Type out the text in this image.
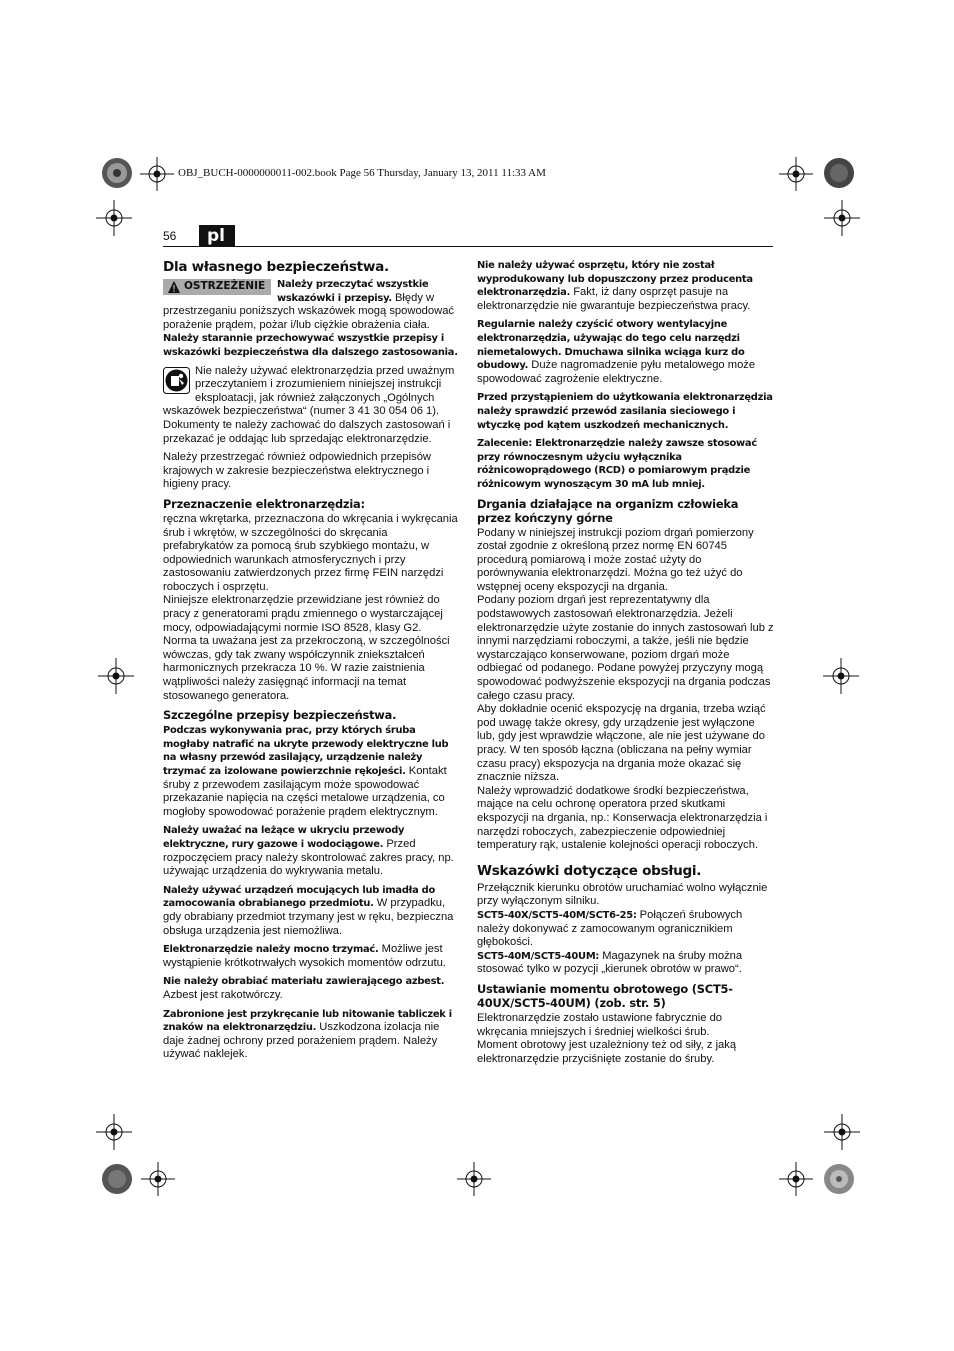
OBJ_BUCH-0000000011-002.book Page 56 Thursday, January 13, 2011 11:33 AM
56	pl
Dla własnego bezpieczeństwa.
OSTRZEŻENIE	Należy przeczytać wszystkie wskazówki i przepisy. Błędy w przestrzeganiu poniższych wskazówek mogą spowodować porażenie prądem, pożar i/lub ciężkie obrażenia ciała.

Należy starannie przechowywać wszystkie przepisy i wskazówki bezpieczeństwa dla dalszego zastosowania.

Nie należy używać elektronarzędzia przed uważnym przeczytaniem i zrozumieniem niniejszej instrukcji eksploatacji, jak również załączonych „Ogólnych wskazówek bezpieczeństwa“ (numer 3 41 30 054 06 1). Dokumenty te należy zachować do dalszych zastosowań i przekazać je oddając lub sprzedając elektronarzędzie.

Należy przestrzegać również odpowiednich przepisów krajowych w zakresie bezpieczeństwa elektrycznego i higieny pracy.

Przeznaczenie elektronarzędzia:

ręczna wkrętarka, przeznaczona do wkręcania i wykręcania śrub i wkrętów, w szczególności do skręcania prefabrykatów za pomocą śrub szybkiego montażu, w odpowiednich warunkach atmosferycznych i przy zastosowaniu zatwierdzonych przez firmę FEIN narzędzi roboczych i osprzętu.

Niniejsze elektronarzędzie przewidziane jest również do pracy z generatorami prądu zmiennego o wystarczającej mocy, odpowiadającymi normie ISO 8528, klasy G2. Norma ta uważana jest za przekroczoną, w szczególności wówczas, gdy tak zwany współczynnik zniekształceń harmonicznych przekracza 10 %. W razie zaistnienia wątpliwości należy zasięgnąć informacji na temat stosowanego generatora.

Szczególne przepisy bezpieczeństwa.

Podczas wykonywania prac, przy których śruba mogłaby natrafić na ukryte przewody elektryczne lub na własny przewód zasilający, urządzenie należy trzymać za izolowane powierzchnie rękojeści. Kontakt śruby z przewodem zasilającym może spowodować przekazanie napięcia na części metalowe urządzenia, co mogłoby spowodować porażenie prądem elektrycznym.

Należy uważać na leżące w ukryciu przewody elektryczne, rury gazowe i wodociągowe. Przed rozpoczęciem pracy należy skontrolować zakres pracy, np. używając urządzenia do wykrywania metalu.

Należy używać urządzeń mocujących lub imadła do zamocowania obrabianego przedmiotu. W przypadku, gdy obrabiany przedmiot trzymany jest w ręku, bezpieczna obsługa urządzenia jest niemożliwa.

Elektronarzędzie należy mocno trzymać. Możliwe jest wystąpienie krótkotrwałych wysokich momentów odrzutu.

Nie należy obrabiać materiału zawierającego azbest. Azbest jest rakotwórczy.

Zabronione jest przykręcanie lub nitowanie tabliczek i znaków na elektronarzędziu. Uszkodzona izolacja nie daje żadnej ochrony przed porażeniem prądem. Należy używać naklejek.

Nie należy używać osprzętu, który nie został wyprodukowany lub dopuszczony przez producenta elektronarzędzia. Fakt, iż dany osprzęt pasuje na elektronarzędzie nie gwarantuje bezpieczeństwa pracy.

Regularnie należy czyścić otwory wentylacyjne elektronarzędzia, używając do tego celu narzędzi niemetalowych. Dmuchawa silnika wciąga kurz do obudowy. Duże nagromadzenie pyłu metalowego może spowodować zagrożenie elektryczne.

Przed przystąpieniem do użytkowania elektronarzędzia należy sprawdzić przewód zasilania sieciowego i wtyczkę pod kątem uszkodzeń mechanicznych.

Zalecenie: Elektronarzędzie należy zawsze stosować przy równoczesnym użyciu wyłącznika różnicowoprądowego (RCD) o pomiarowym prądzie różnicowym wynoszącym 30 mA lub mniej.

Drgania działające na organizm człowieka przez kończyny górne

Podany w niniejszej instrukcji poziom drgań pomierzony został zgodnie z określoną przez normę EN 60745 procedurą pomiarową i może zostać użyty do porównywania elektronarzędzi. Można go też użyć do wstępnej oceny ekspozycji na drgania.

Podany poziom drgań jest reprezentatywny dla podstawowych zastosowań elektronarzędzia. Jeżeli elektronarzędzie użyte zostanie do innych zastosowań lub z innymi narzędziami roboczymi, a także, jeśli nie będzie wystarczająco konserwowane, poziom drgań może odbiegać od podanego. Podane powyżej przyczyny mogą spowodować podwyższenie ekspozycji na drgania podczas całego czasu pracy.

Aby dokładnie ocenić ekspozycję na drgania, trzeba wziąć pod uwagę także okresy, gdy urządzenie jest wyłączone lub, gdy jest wprawdzie włączone, ale nie jest używane do pracy. W ten sposób łączna (obliczana na pełny wymiar czasu pracy) ekspozycja na drgania może okazać się znacznie niższa.

Należy wprowadzić dodatkowe środki bezpieczeństwa, mające na celu ochronę operatora przed skutkami ekspozycji na drgania, np.: Konserwacja elektronarzędzia i narzędzi roboczych, zabezpieczenie odpowiedniej temperatury rąk, ustalenie kolejności operacji roboczych.

Wskazówki dotyczące obsługi.

Przełącznik kierunku obrotów uruchamiać wolno wyłącznie przy wyłączonym silniku.

SCT5-40X/SCT5-40M/SCT6-25: Połączeń śrubowych należy dokonywać z zamocowanym ogranicznikiem głębokości.

SCT5-40M/SCT5-40UM: Magazynek na śruby można stosować tylko w pozycji „kierunek obrotów w prawo“.

Ustawianie momentu obrotowego (SCT5-40UX/SCT5-40UM) (zob. str. 5)

Elektronarzędzie zostało ustawione fabrycznie do wkręcania mniejszych i średniej wielkości śrub.

Moment obrotowy jest uzależniony też od siły, z jaką elektronarzędzie przyciśnięte zostanie do śruby.
